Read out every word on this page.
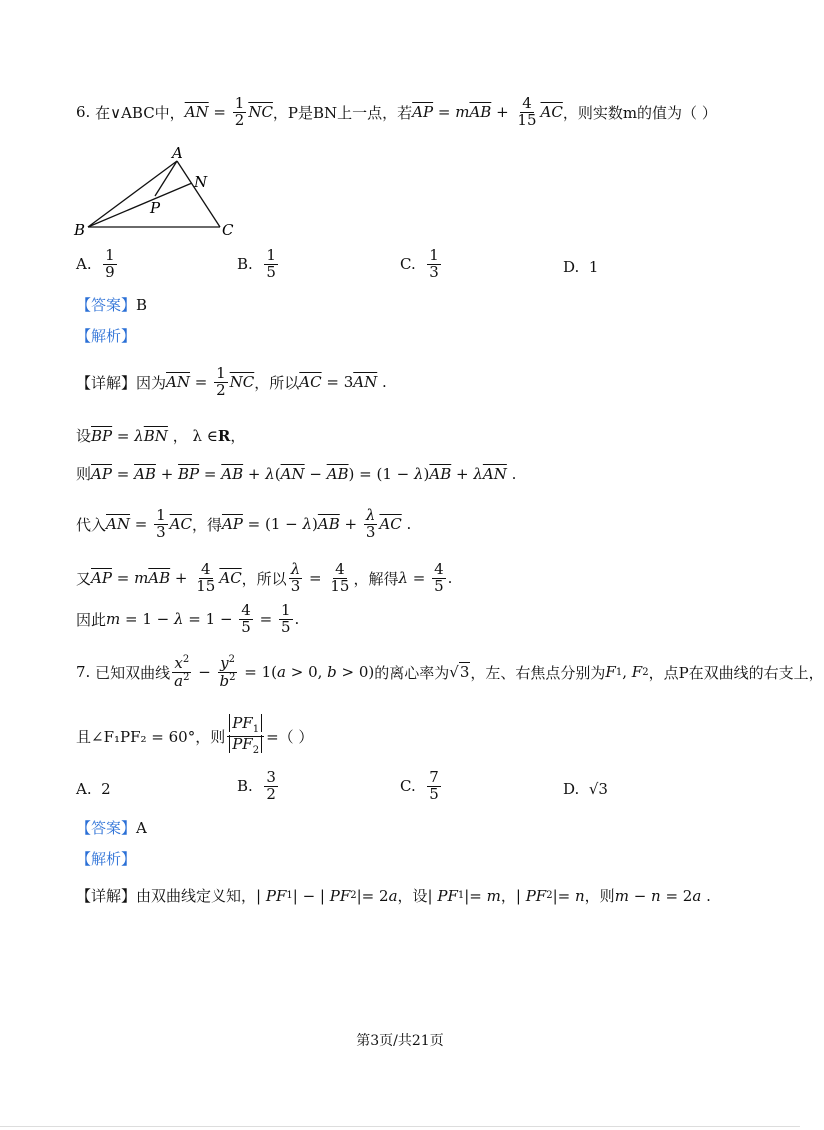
6.
在∨ABC中， $\overline{AN} = \frac{1}{2} \overline{NC}$ ，P是BN上一点，若 $\overline{AP} = m$ $\overline{AB} + \frac{4}{15} \overline{AC}$ ，则实数m的值为（ ）
A
N
P
B	C
A.
$\frac{1}{9}$	B.
$\frac{1}{5}$	C.
$\frac{1}{3}$	D.
1
【答案】 B
【解析】
【详解】 因为 $\overline{AN} = \frac{1}{2} \overline{NC}$ ，所以 $\overline{AC} = 3$ $\overline{AN}$ .
设 $\overline{BP} = \lambda$ $\overline{BN}$ ， λ ∈ R ，
则 $\overline{AP} = \overline{AB} + \overline{BP} = \overline{AB} + \lambda$ ( $\overline{AN} - \overline{AB}$ ) = (1 − λ ) $\overline{AB} + \lambda$ $\overline{AN}$ .
代入 $\overline{AN} = \frac{1}{3} \overline{AC}$ ，得 $\overline{AP} = (1 - \lambda$ ) $\overline{AB} + \frac{\lambda}{3} \overline{AC}$ .
又 $\overline{AP} = m$ $\overline{AB} + \frac{4}{15} \overline{AC}$ ，所以 $\frac{\lambda}{3} = \frac{4}{15}$ ，解得 $\lambda = \frac{4}{5}$ .
因此 $m = 1 - \lambda = 1 - \frac{4}{5} = \frac{1}{5}$ .
7.
已知双曲线 $\frac{x^2}{a^2} - \frac{y^2}{b^2} = 1$( a > 0, b > 0) 的离心率为 √3 ，左、右焦点分别为 F 1 , F 2 ，点P在双曲线的右支上，
且∠F₁PF₂ = 60°，则 $\frac{PF_1}{PF_2}$ =（ ）
A.
2	B.
$\frac{3}{2}$	C.
$\frac{7}{5}$	D.
√3
【答案】 A
【解析】
【详解】 由双曲线定义知， | PF 1 | − | PF 2 |= 2 a ，设 | PF 1 |= m ， | PF 2 |= n ，则 m − n = 2 a .
第3页/共21页
